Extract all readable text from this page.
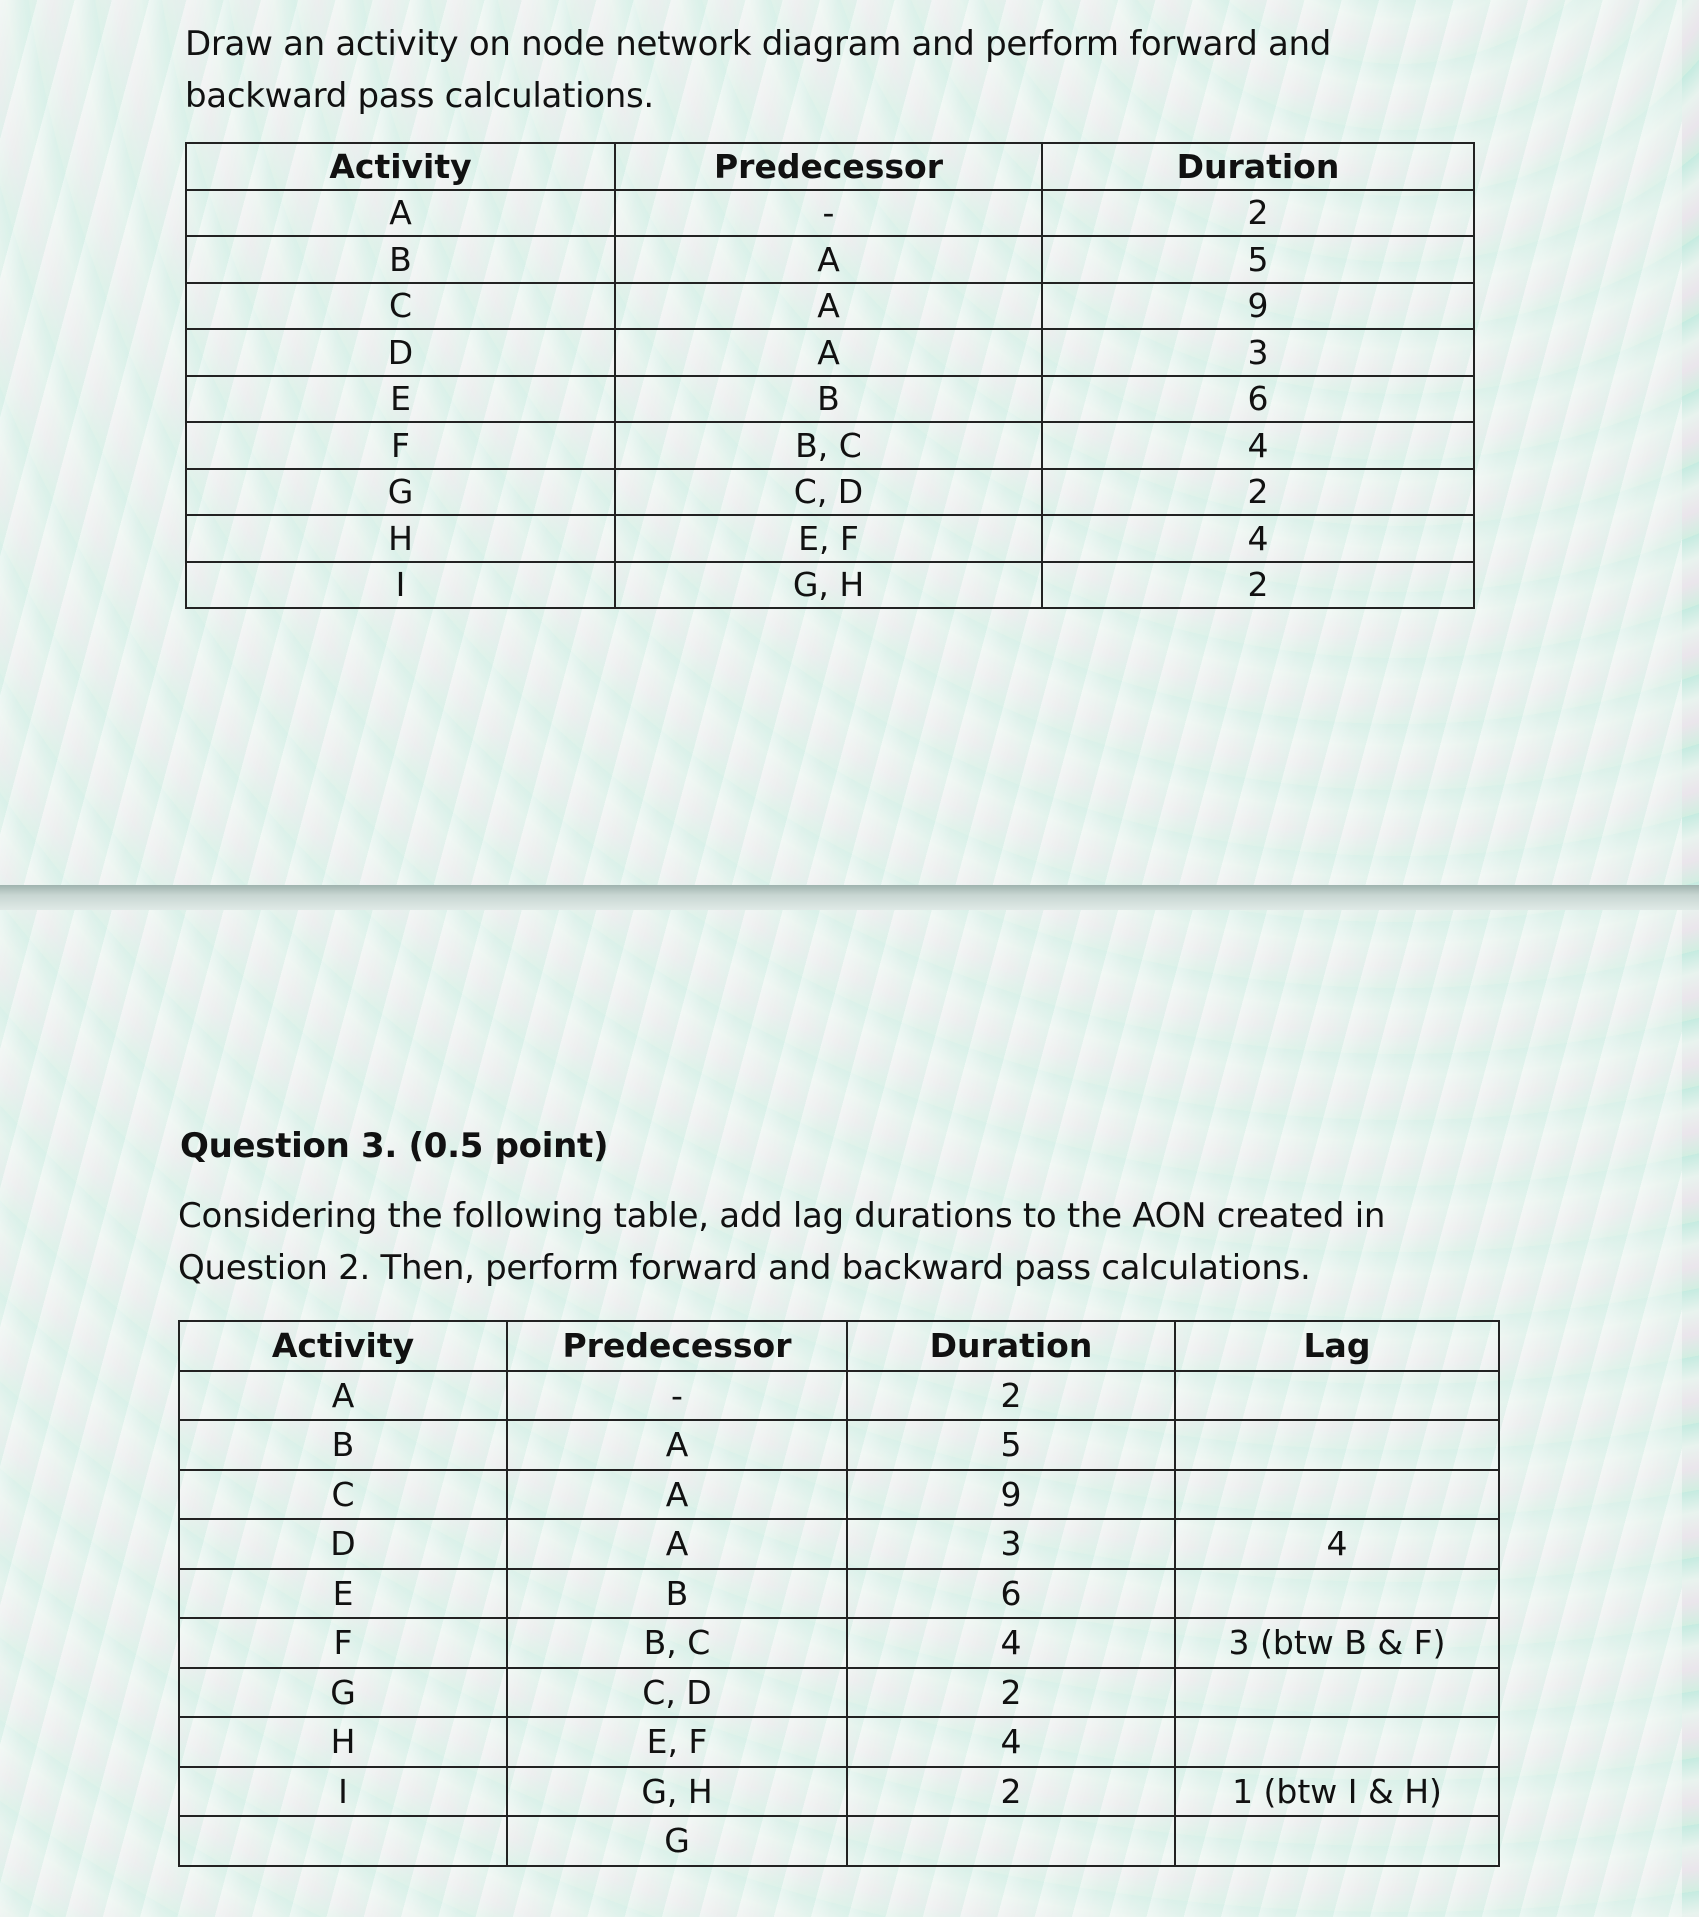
Draw an activity on node network diagram and perform forward and backward pass calculations.

Activity	Predecessor	Duration
A	-	2
B	A	5
C	A	9
D	A	3
E	B	6
F	B, C	4
G	C, D	2
H	E, F	4
I	G, H	2

Question 3. (0.5 point)

Considering the following table, add lag durations to the AON created in Question 2. Then, perform forward and backward pass calculations.

Activity	Predecessor	Duration	Lag
A	-	2	
B	A	5	
C	A	9	
D	A	3	4
E	B	6	
F	B, C	4	3 (btw B & F)
G	C, D	2	
H	E, F	4	
I	G, H	2	1 (btw I & H)
	G		
